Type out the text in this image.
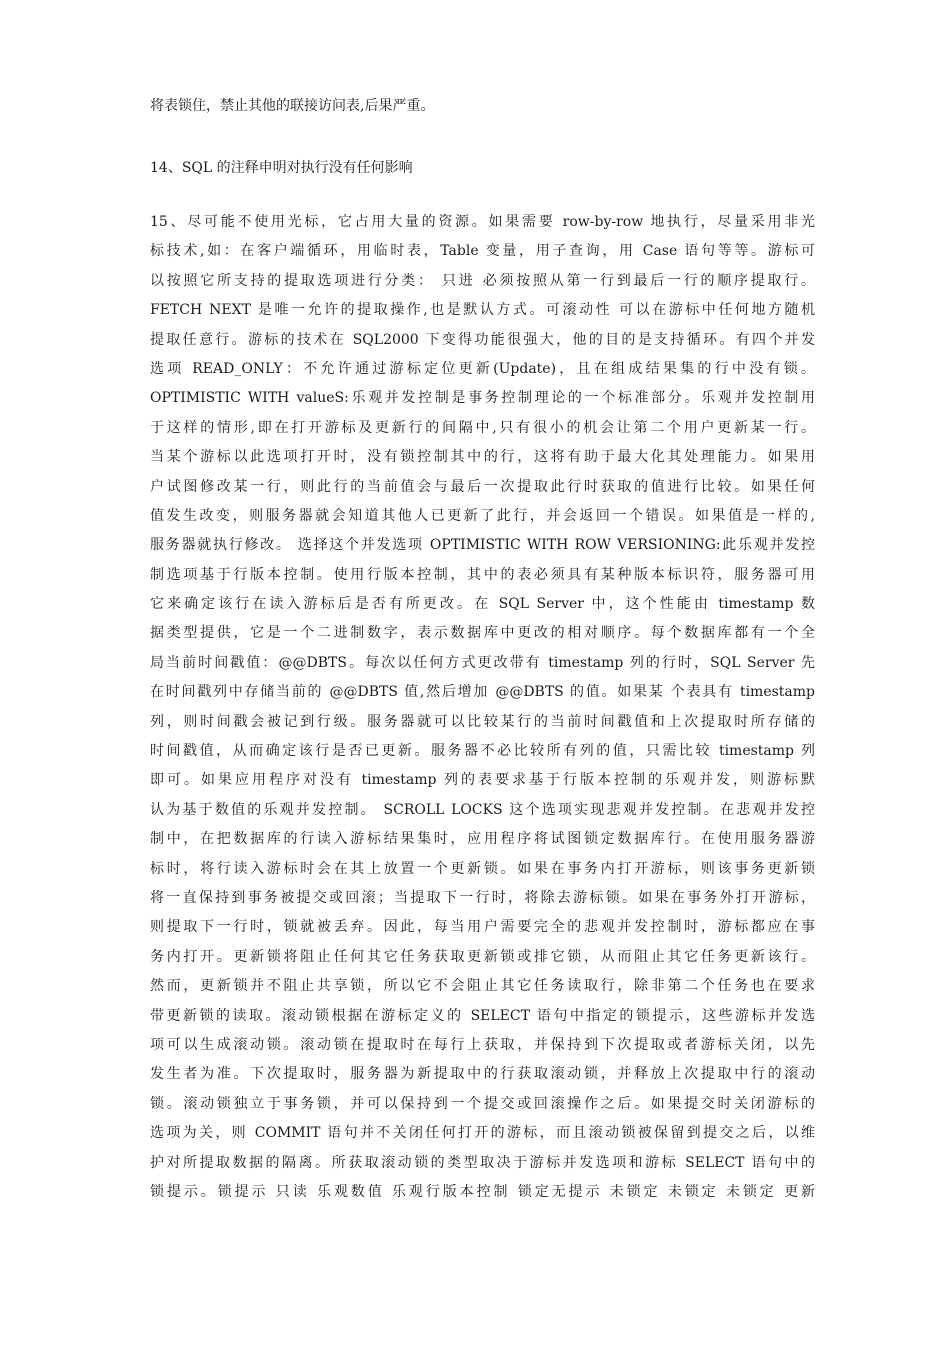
将表锁住，禁止其他的联接访问表,后果严重。

14、SQL 的注释申明对执行没有任何影响

15、尽可能不使用光标，它占用大量的资源。如果需要 row-by-row 地执行，尽量采用非光

标技术,如：在客户端循环，用临时表，Table 变量，用子查询，用 Case 语句等等。游标可

以按照它所支持的提取选项进行分类： 只进 必须按照从第一行到最后一行的顺序提取行。

FETCH NEXT 是唯一允许的提取操作,也是默认方式。可滚动性 可以在游标中任何地方随机

提取任意行。游标的技术在 SQL2000 下变得功能很强大，他的目的是支持循环。有四个并发

选项 READ_ONLY：不允许通过游标定位更新(Update)，且在组成结果集的行中没有锁。

OPTIMISTIC WITH valueS:乐观并发控制是事务控制理论的一个标准部分。乐观并发控制用

于这样的情形,即在打开游标及更新行的间隔中,只有很小的机会让第二个用户更新某一行。

当某个游标以此选项打开时，没有锁控制其中的行，这将有助于最大化其处理能力。如果用

户试图修改某一行，则此行的当前值会与最后一次提取此行时获取的值进行比较。如果任何

值发生改变，则服务器就会知道其他人已更新了此行，并会返回一个错误。如果值是一样的,

服务器就执行修改。 选择这个并发选项 OPTIMISTIC WITH ROW VERSIONING:此乐观并发控

制选项基于行版本控制。使用行版本控制，其中的表必须具有某种版本标识符，服务器可用

它来确定该行在读入游标后是否有所更改。在 SQL Server 中，这个性能由 timestamp 数

据类型提供，它是一个二进制数字，表示数据库中更改的相对顺序。每个数据库都有一个全

局当前时间戳值：@@DBTS。每次以任何方式更改带有 timestamp 列的行时，SQL Server 先

在时间戳列中存储当前的 @@DBTS 值,然后增加 @@DBTS 的值。如果某 个表具有 timestamp

列，则时间戳会被记到行级。服务器就可以比较某行的当前时间戳值和上次提取时所存储的

时间戳值，从而确定该行是否已更新。服务器不必比较所有列的值，只需比较 timestamp 列

即可。如果应用程序对没有 timestamp 列的表要求基于行版本控制的乐观并发，则游标默

认为基于数值的乐观并发控制。 SCROLL LOCKS 这个选项实现悲观并发控制。在悲观并发控

制中，在把数据库的行读入游标结果集时，应用程序将试图锁定数据库行。在使用服务器游

标时，将行读入游标时会在其上放置一个更新锁。如果在事务内打开游标，则该事务更新锁

将一直保持到事务被提交或回滚；当提取下一行时，将除去游标锁。如果在事务外打开游标，

则提取下一行时，锁就被丢弃。因此，每当用户需要完全的悲观并发控制时，游标都应在事

务内打开。更新锁将阻止任何其它任务获取更新锁或排它锁，从而阻止其它任务更新该行。

然而，更新锁并不阻止共享锁，所以它不会阻止其它任务读取行，除非第二个任务也在要求

带更新锁的读取。滚动锁根据在游标定义的 SELECT 语句中指定的锁提示，这些游标并发选

项可以生成滚动锁。滚动锁在提取时在每行上获取，并保持到下次提取或者游标关闭，以先

发生者为准。下次提取时，服务器为新提取中的行获取滚动锁，并释放上次提取中行的滚动

锁。滚动锁独立于事务锁，并可以保持到一个提交或回滚操作之后。如果提交时关闭游标的

选项为关，则 COMMIT 语句并不关闭任何打开的游标，而且滚动锁被保留到提交之后，以维

护对所提取数据的隔离。所获取滚动锁的类型取决于游标并发选项和游标 SELECT 语句中的

锁提示。锁提示 只读 乐观数值 乐观行版本控制 锁定无提示 未锁定 未锁定 未锁定 更新
